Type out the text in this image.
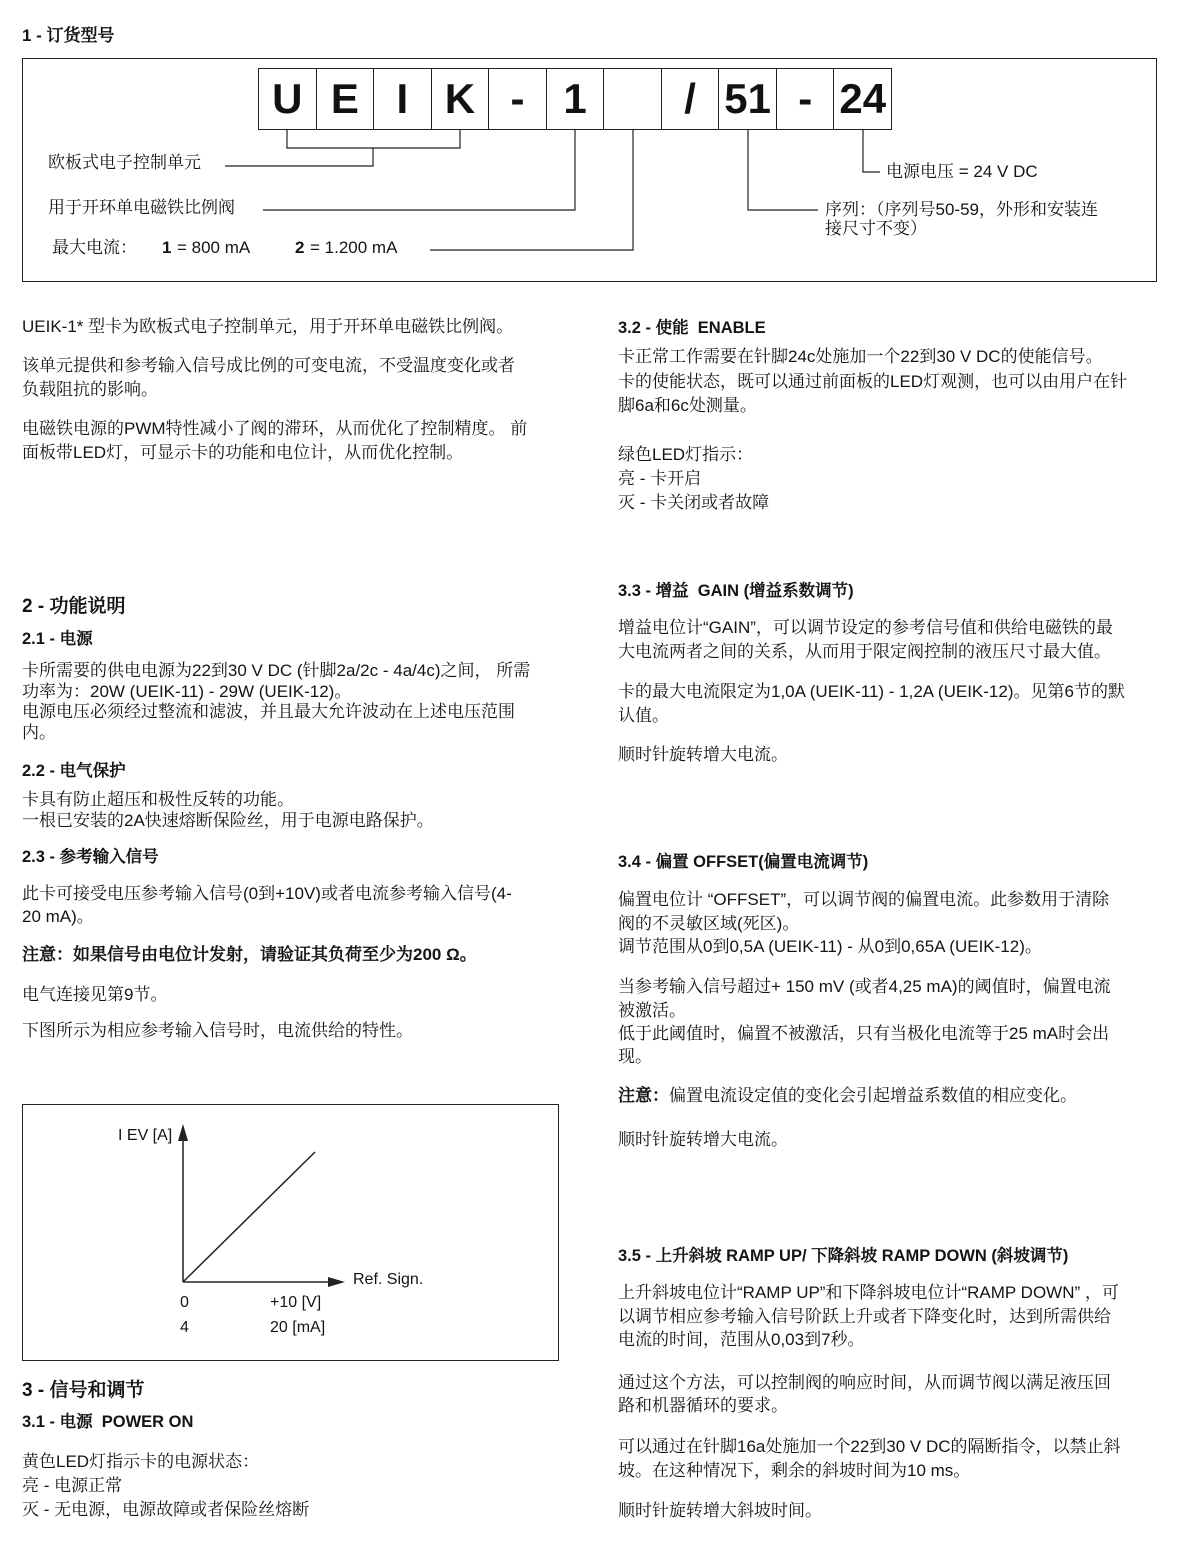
1 - 订货型号
U E I K - 1	/ 51 - 24
欧板式电子控制单元
用于开环单电磁铁比例阀
最大电流： 1 = 800 mA	2 = 1.200 mA
电源电压 = 24 V DC
序列：（序列号50-59，外形和安装连
接尺寸不变）
UEIK-1* 型卡为欧板式电子控制单元，用于开环单电磁铁比例阀。
该单元提供和参考输入信号成比例的可变电流，不受温度变化或者
负载阻抗的影响。
电磁铁电源的PWM特性减小了阀的滞环，从而优化了控制精度。 前
面板带LED灯，可显示卡的功能和电位计，从而优化控制。
2 - 功能说明
2.1 - 电源
卡所需要的供电电源为22到30 V DC (针脚2a/2c - 4a/4c)之间， 所需
功率为：20W (UEIK-11) - 29W (UEIK-12)。
电源电压必须经过整流和滤波，并且最大允许波动在上述电压范围
内。
2.2 - 电气保护
卡具有防止超压和极性反转的功能。
一根已安装的2A快速熔断保险丝，用于电源电路保护。
2.3 - 参考输入信号
此卡可接受电压参考输入信号(0到+10V)或者电流参考输入信号(4-
20 mA)。
注意：如果信号由电位计发射，请验证其负荷至少为200 Ω。
电气连接见第9节。
下图所示为相应参考输入信号时，电流供给的特性。
I EV [A]
Ref. Sign.
0	+10 [V]
4	20 [mA]
3 - 信号和调节
3.1 - 电源  POWER ON
黄色LED灯指示卡的电源状态：
亮 - 电源正常
灭 - 无电源，电源故障或者保险丝熔断
3.2 - 使能  ENABLE
卡正常工作需要在针脚24c处施加一个22到30 V DC的使能信号。
卡的使能状态，既可以通过前面板的LED灯观测，也可以由用户在针
脚6a和6c处测量。
绿色LED灯指示：
亮 - 卡开启
灭 - 卡关闭或者故障
3.3 - 增益  GAIN (增益系数调节)
增益电位计“GAIN”，可以调节设定的参考信号值和供给电磁铁的最
大电流两者之间的关系，从而用于限定阀控制的液压尺寸最大值。
卡的最大电流限定为1,0A (UEIK-11) - 1,2A (UEIK-12)。见第6节的默
认值。
顺时针旋转增大电流。
3.4 - 偏置 OFFSET(偏置电流调节)
偏置电位计 “OFFSET”，可以调节阀的偏置电流。此参数用于清除
阀的不灵敏区域(死区)。
调节范围从0到0,5A (UEIK-11) - 从0到0,65A (UEIK-12)。
当参考输入信号超过+ 150 mV (或者4,25 mA)的阈值时，偏置电流
被激活。
低于此阈值时，偏置不被激活，只有当极化电流等于25 mA时会出
现。
注意：偏置电流设定值的变化会引起增益系数值的相应变化。
顺时针旋转增大电流。
3.5 - 上升斜坡 RAMP UP/ 下降斜坡 RAMP DOWN (斜坡调节)
上升斜坡电位计“RAMP UP”和下降斜坡电位计“RAMP DOWN” ，可
以调节相应参考输入信号阶跃上升或者下降变化时，达到所需供给
电流的时间，范围从0,03到7秒。
通过这个方法，可以控制阀的响应时间，从而调节阀以满足液压回
路和机器循环的要求。
可以通过在针脚16a处施加一个22到30 V DC的隔断指令，以禁止斜
坡。在这种情况下，剩余的斜坡时间为10 ms。
顺时针旋转增大斜坡时间。
